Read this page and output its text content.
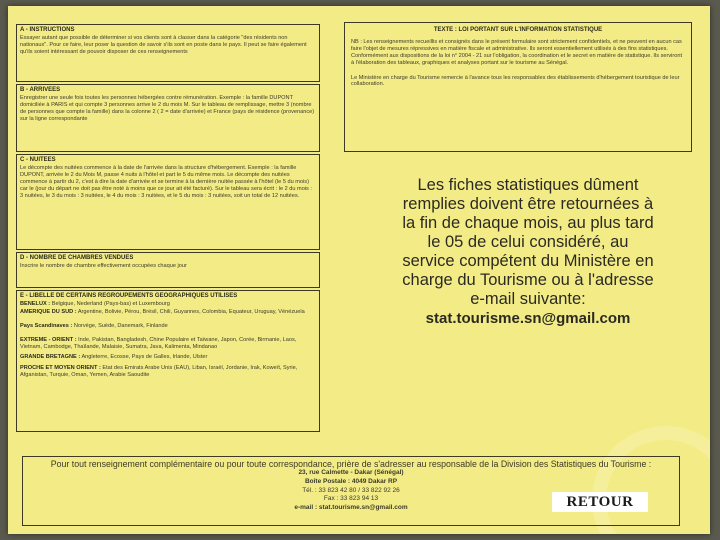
A - INSTRUCTIONS

Essayer autant que possible de déterminer si vos clients sont à classer dans la catégorie "des résidents non nationaux". Pour ce faire, leur poser la question de savoir s'ils sont en poste dans le pays. Il peut se faire également qu'ils soient intéressant de pouvoir disposer de ces renseignements

B - ARRIVEES

Enregistrer une seule fois toutes les personnes hébergées contre rémunération. Exemple : la famille DUPONT domiciliée à PARIS et qui compte 3 personnes arrive le 2 du mois M. Sur le tableau de remplissage, mettre 3 (nombre de personnes que compte la famille) dans la colonne 2 ( 2 = date d'arrivée) et France (pays de résidence (provenance) sur la ligne correspondante

C - NUITEES

Le décompte des nuitées commence à la date de l'arrivée dans la structure d'hébergement. Exemple : la famille DUPONT, arrivée le 2 du Mois M, passe 4 nuits à l'hôtel et part le 5 du même mois. Le décompte des nuitées commence à partir du 2, c'est à dire la date d'arrivée et se termine à la dernière nuitée passée à l'hôtel (le 5 du mois) car le (jour du départ ne doit pas être noté à moins que ce jour ait été facturé). Sur le tableau sera écrit : le 2 du mois : 3 nuitées, le 3 du mois : 3 nuitées, le 4 du mois : 3 nuitées, et le 5 du mois : 3 nuitées, soit un total de 12 nuitées.

D - NOMBRE DE CHAMBRES VENDUES

Inscrire le nombre de chambre effectivement occupées chaque jour

E - LIBELLE DE CERTAINS REGROUPEMENTS GEOGRAPHIQUES UTILISES

BENELUX : Belgique, Nederland (Pays-bas) et Luxembourg

AMERIQUE DU SUD : Argentine, Bolivie, Pérou, Brésil, Chili, Guyannes, Colombia, Equateur, Uruguay, Vénézuela

Pays Scandinaves : Norvège, Suède, Danemark, Finlande

EXTREME - ORIENT : Inde, Pakistan, Bangladesh, Chine Populaire et Taïwane, Japon, Corée, Birmanie, Laos, Vietnam, Cambodge, Thaïlande, Malaisie, Sumatra, Java, Kalimenta, Mindanao

GRANDE BRETAGNE : Angleterre, Ecosse, Pays de Galles, Irlande, Ulster

PROCHE ET MOYEN ORIENT : Etat des Emirats Arabe Unis (EAU), Liban, Israël, Jordanie, Irak, Koweït, Syrie, Afganistan, Turquie, Oman, Yemen, Arabie Saoudite

TEXTE : LOI PORTANT SUR L'INFORMATION STATISTIQUE

NB : Les renseignements recueillis et consignés dans le présent formulaire sont strictement confidentiels, et ne peuvent en aucun cas faire l'objet de mesures répressives en matière fiscale et administrative. Ils seront essentiellement utilisés à des fins statistiques. Conformément aux dispositions de la loi n° 2004 - 21 sur l'obligation, la coordination et le secret en matière de statistique. Ils serviront à l'élaboration des tableaux, graphiques et analyses portant sur le tourisme au Sénégal.

Le Ministère en charge du Tourisme remercie à l'avance tous les responsables des établissements d'hébergement touristique de leur collaboration.

Les fiches statistiques dûment remplies doivent être retournées à la fin de chaque mois, au plus tard le 05 de celui considéré, au service compétent du Ministère en charge du Tourisme ou à l'adresse e-mail suivante:
stat.tourisme.sn@gmail.com
Pour tout renseignement complémentaire ou pour toute correspondance, prière de s'adresser au responsable de la Division des Statistiques du Tourisme :
23, rue Calmette - Dakar (Sénégal)
Boîte Postale : 4049 Dakar RP
Tél. : 33 823 42 80 / 33 822 92 26
Fax : 33 823 94 13
e-mail : stat.tourisme.sn@gmail.com	RETOUR
